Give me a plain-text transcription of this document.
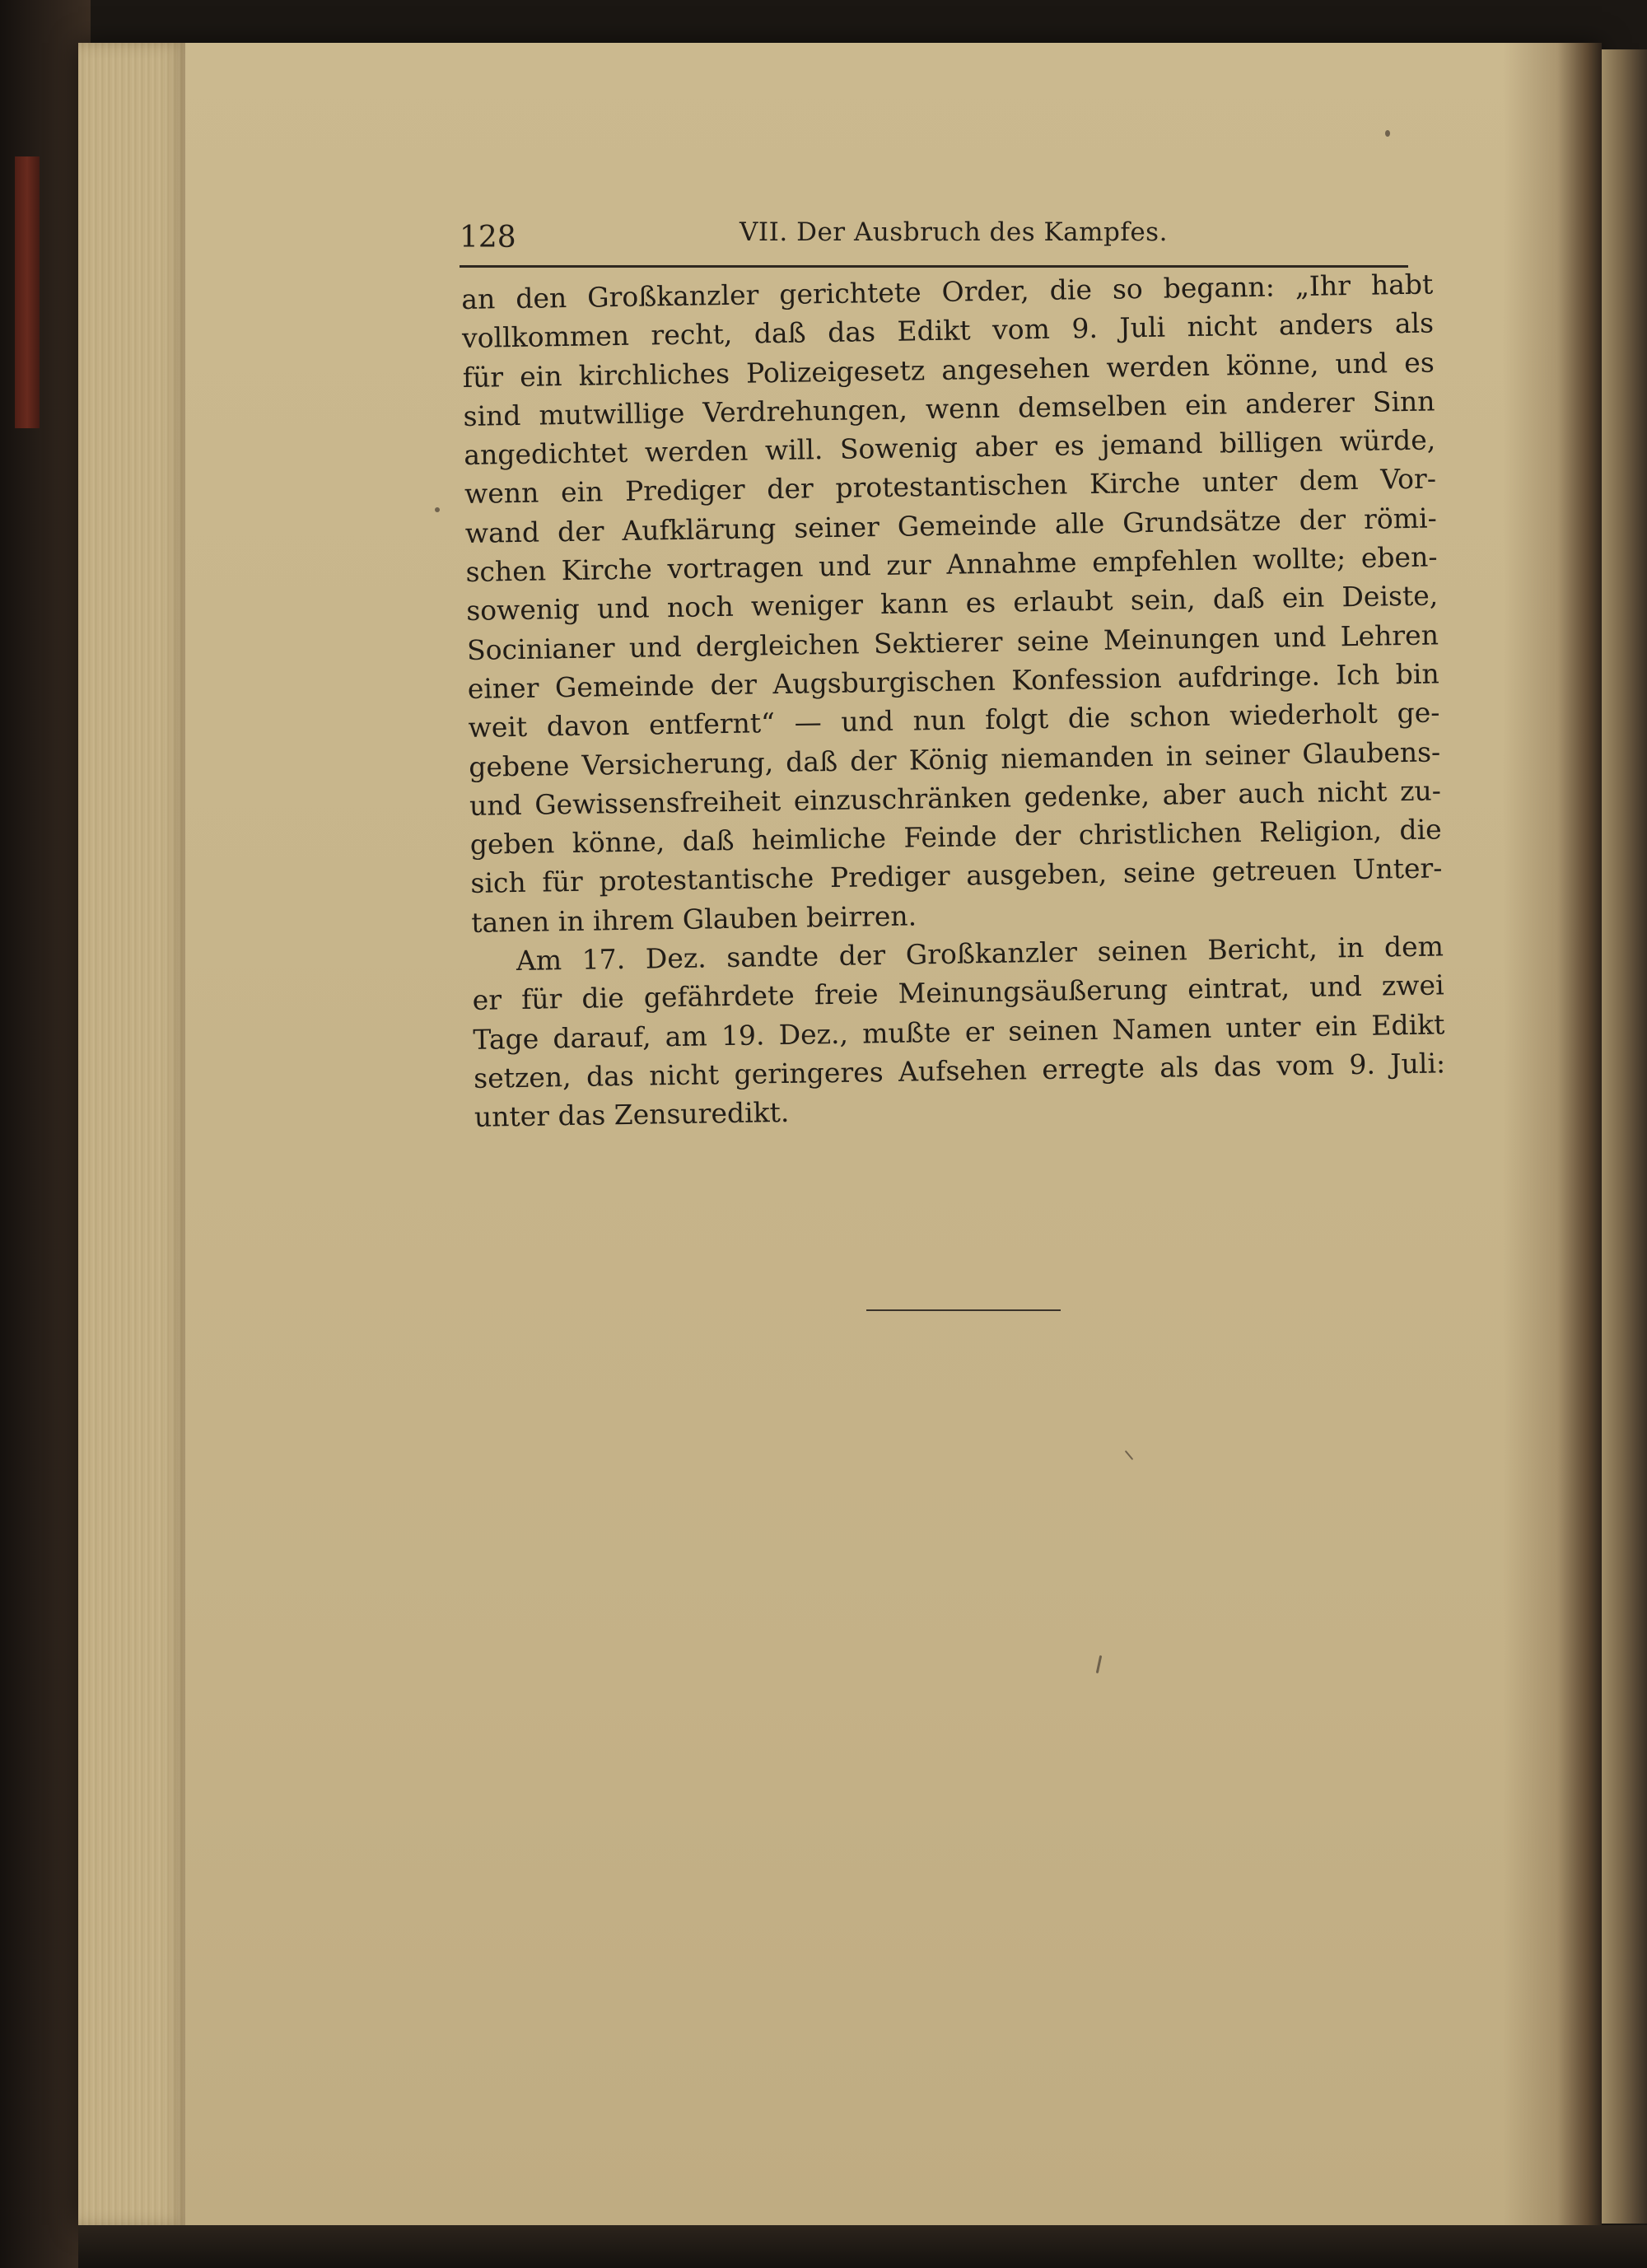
128	VII. Der Ausbruch des Kampfes.
an den Großkanzler gerichtete Order, die so begann: „Ihr habt
vollkommen recht, daß das Edikt vom 9. Juli nicht anders als
für ein kirchliches Polizeigesetz angesehen werden könne, und es
sind mutwillige Verdrehungen, wenn demselben ein anderer Sinn
angedichtet werden will. Sowenig aber es jemand billigen würde,
wenn ein Prediger der protestantischen Kirche unter dem Vor-
wand der Aufklärung seiner Gemeinde alle Grundsätze der römi-
schen Kirche vortragen und zur Annahme empfehlen wollte; eben-
sowenig und noch weniger kann es erlaubt sein, daß ein Deiste,
Socinianer und dergleichen Sektierer seine Meinungen und Lehren
einer Gemeinde der Augsburgischen Konfession aufdringe. Ich bin
weit davon entfernt“ — und nun folgt die schon wiederholt ge-
gebene Versicherung, daß der König niemanden in seiner Glaubens-
und Gewissensfreiheit einzuschränken gedenke, aber auch nicht zu-
geben könne, daß heimliche Feinde der christlichen Religion, die
sich für protestantische Prediger ausgeben, seine getreuen Unter-
tanen in ihrem Glauben beirren.
Am 17. Dez. sandte der Großkanzler seinen Bericht, in dem
er für die gefährdete freie Meinungsäußerung eintrat, und zwei
Tage darauf, am 19. Dez., mußte er seinen Namen unter ein Edikt
setzen, das nicht geringeres Aufsehen erregte als das vom 9. Juli:
unter das Zensuredikt.
